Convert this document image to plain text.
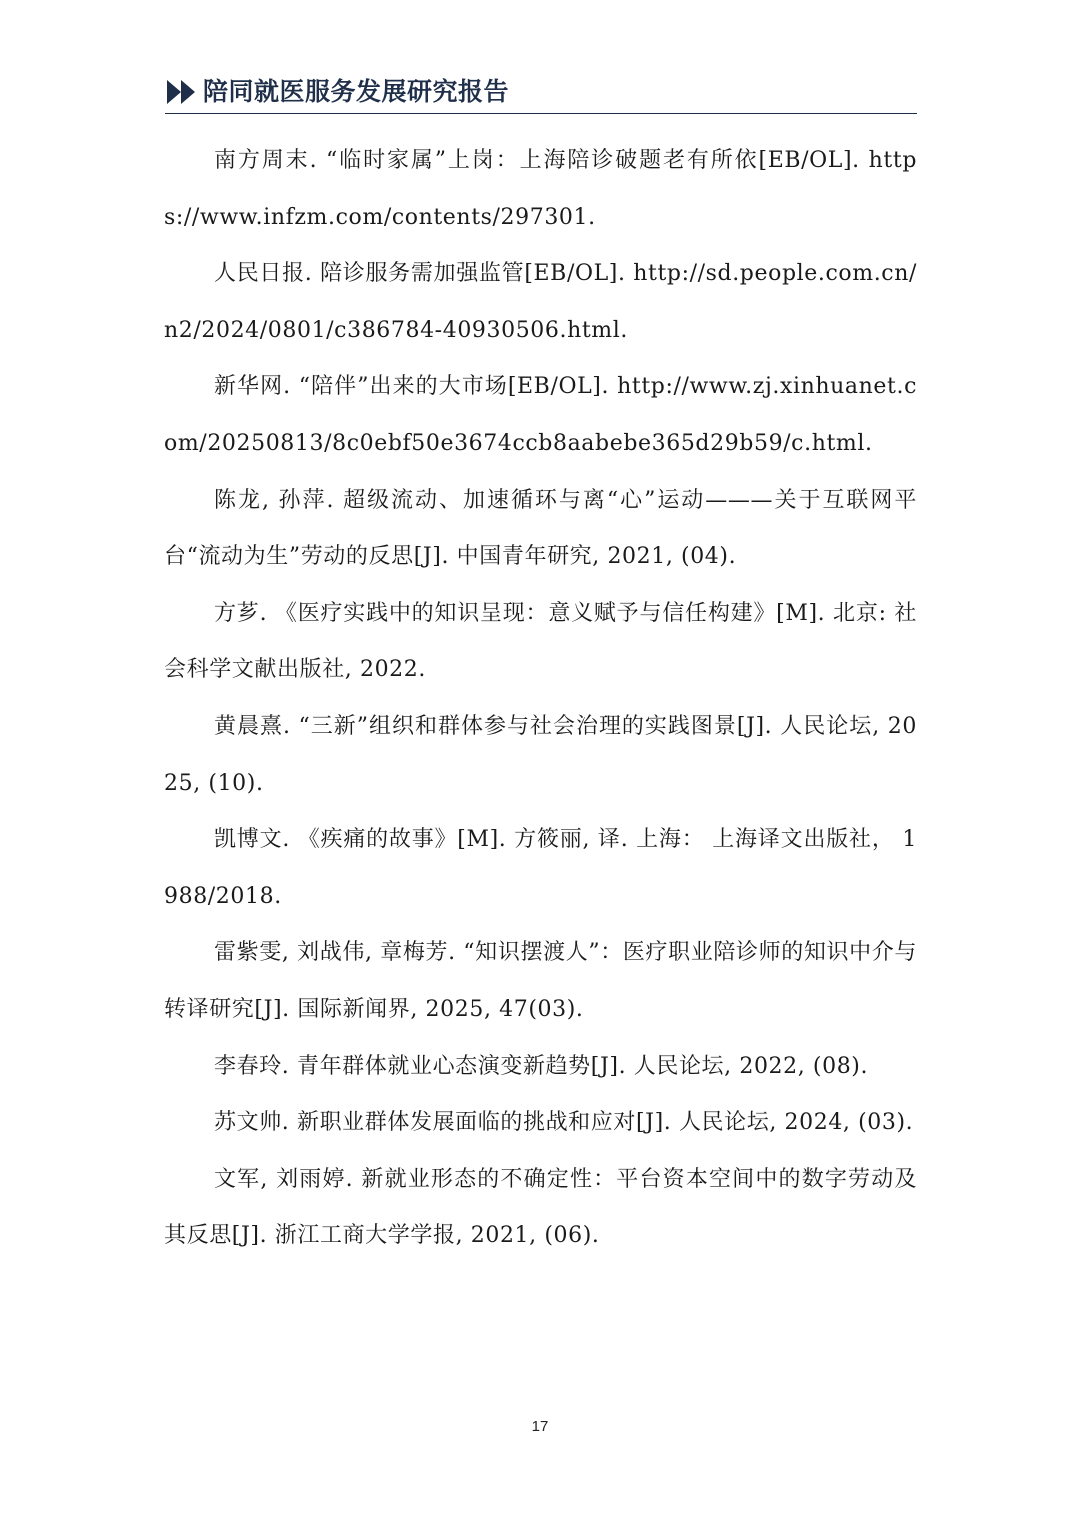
陪同就医服务发展研究报告

南方周末. “临时家属”上岗：上海陪诊破题老有所依[EB/OL]. https://www.infzm.com/contents/297301.

人民日报. 陪诊服务需加强监管[EB/OL]. http://sd.people.com.cn/n2/2024/0801/c386784-40930506.html.

新华网. “陪伴”出来的大市场[EB/OL]. http://www.zj.xinhuanet.com/20250813/8c0ebf50e3674ccb8aabebe365d29b59/c.html.

陈龙, 孙萍. 超级流动、加速循环与离“心”运动———关于互联网平台“流动为生”劳动的反思[J]. 中国青年研究, 2021, (04).

方芗. 《医疗实践中的知识呈现：意义赋予与信任构建》[M]. 北京: 社会科学文献出版社, 2022.

黄晨熹. “三新”组织和群体参与社会治理的实践图景[J]. 人民论坛, 2025, (10).

凯博文. 《疾痛的故事》[M]. 方筱丽, 译. 上海： 上海译文出版社， 1988/2018.

雷紫雯, 刘战伟, 章梅芳. “知识摆渡人”：医疗职业陪诊师的知识中介与转译研究[J]. 国际新闻界, 2025, 47(03).

李春玲. 青年群体就业心态演变新趋势[J]. 人民论坛, 2022, (08).

苏文帅. 新职业群体发展面临的挑战和应对[J]. 人民论坛, 2024, (03).

文军, 刘雨婷. 新就业形态的不确定性：平台资本空间中的数字劳动及其反思[J]. 浙江工商大学学报, 2021, (06).

17
